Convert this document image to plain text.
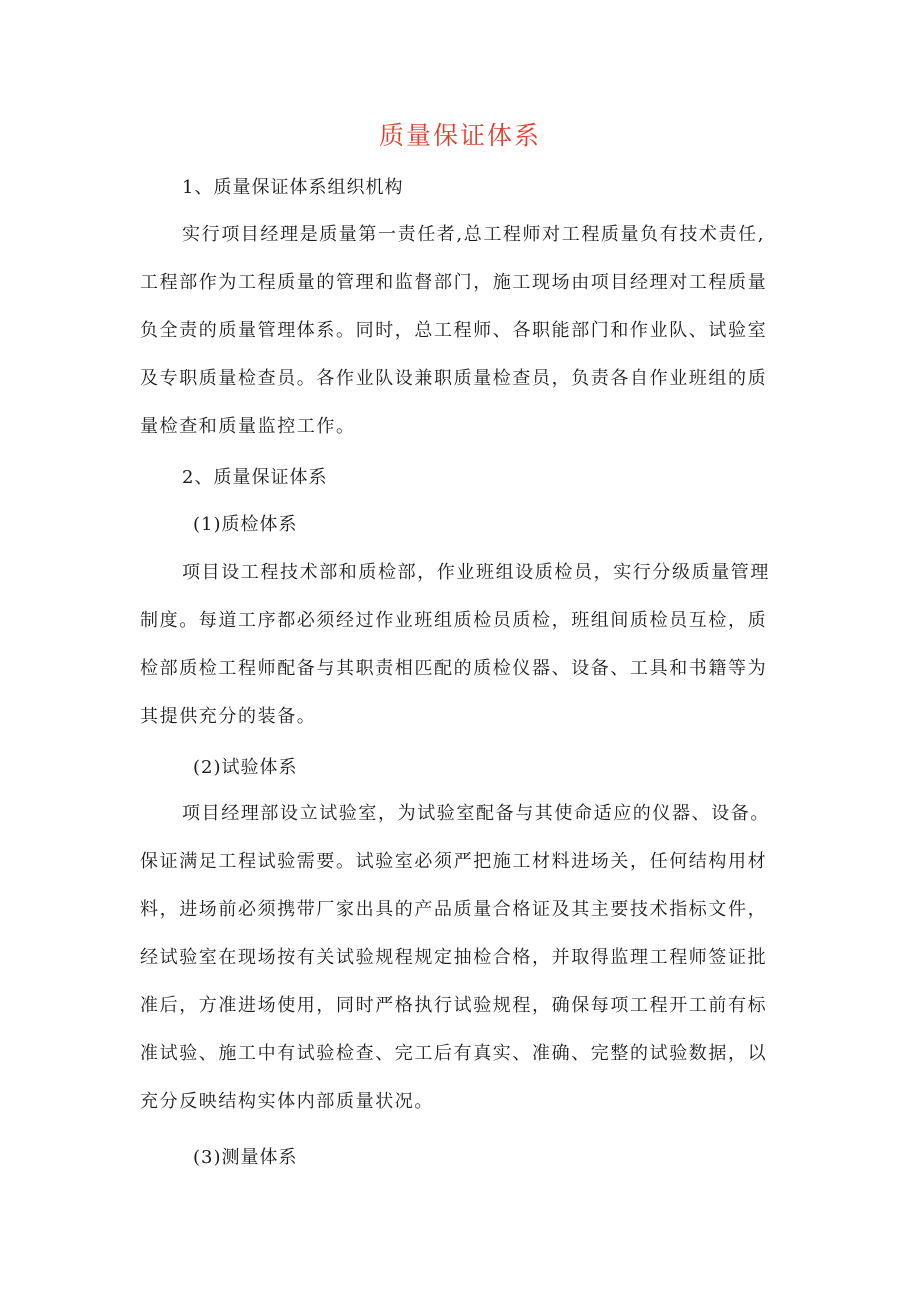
质量保证体系

1、质量保证体系组织机构

实行项目经理是质量第一责任者,总工程师对工程质量负有技术责任,
工程部作为工程质量的管理和监督部门，施工现场由项目经理对工程质量
负全责的质量管理体系。同时，总工程师、各职能部门和作业队、试验室
及专职质量检查员。各作业队设兼职质量检查员，负责各自作业班组的质
量检查和质量监控工作。

2、质量保证体系

(1)质检体系

项目设工程技术部和质检部，作业班组设质检员，实行分级质量管理
制度。每道工序都必须经过作业班组质检员质检，班组间质检员互检，质
检部质检工程师配备与其职责相匹配的质检仪器、设备、工具和书籍等为
其提供充分的装备。

(2)试验体系

项目经理部设立试验室，为试验室配备与其使命适应的仪器、设备。
保证满足工程试验需要。试验室必须严把施工材料进场关，任何结构用材
料，进场前必须携带厂家出具的产品质量合格证及其主要技术指标文件，
经试验室在现场按有关试验规程规定抽检合格，并取得监理工程师签证批
准后，方准进场使用，同时严格执行试验规程，确保每项工程开工前有标
准试验、施工中有试验检查、完工后有真实、准确、完整的试验数据，以
充分反映结构实体内部质量状况。

(3)测量体系
